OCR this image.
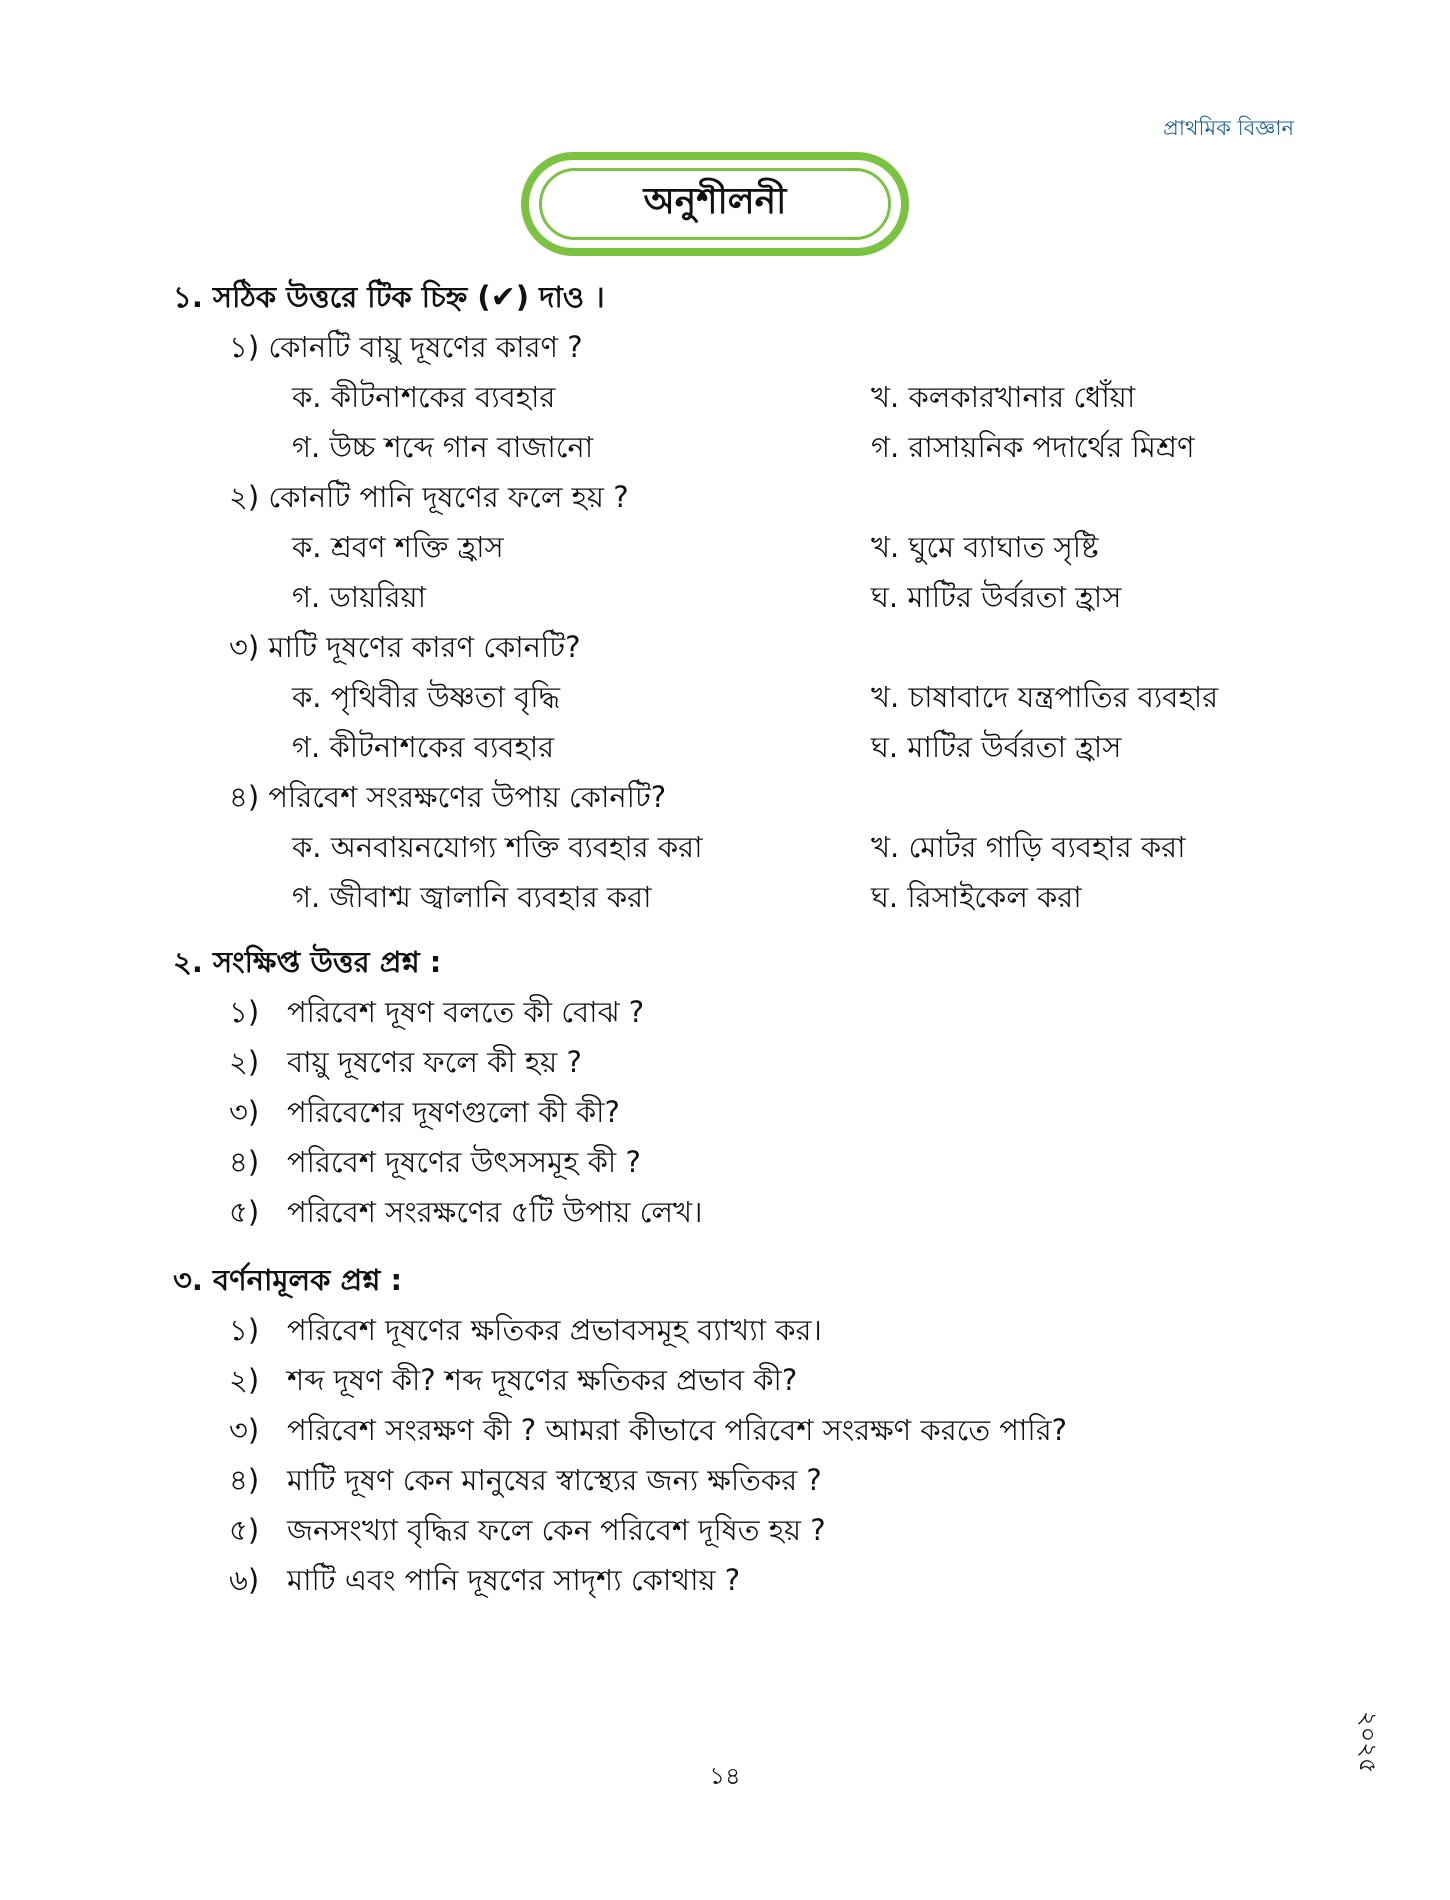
প্রাথমিক বিজ্ঞান
অনুশীলনী
১. সঠিক উত্তরে টিক চিহ্ন (✔) দাও ।
১) কোনটি বায়ু দূষণের কারণ ?
ক. কীটনাশকের ব্যবহার	খ. কলকারখানার ধোঁয়া
গ. উচ্চ শব্দে গান বাজানো	গ. রাসায়নিক পদার্থের মিশ্রণ
২) কোনটি পানি দূষণের ফলে হয় ?
ক. শ্রবণ শক্তি হ্রাস	খ. ঘুমে ব্যাঘাত সৃষ্টি
গ. ডায়রিয়া	ঘ. মাটির উর্বরতা হ্রাস
৩) মাটি দূষণের কারণ কোনটি?
ক. পৃথিবীর উষ্ণতা বৃদ্ধি	খ. চাষাবাদে যন্ত্রপাতির ব্যবহার
গ. কীটনাশকের ব্যবহার	ঘ. মাটির উর্বরতা হ্রাস
৪) পরিবেশ সংরক্ষণের উপায় কোনটি?
ক. অনবায়নযোগ্য শক্তি ব্যবহার করা	খ. মোটর গাড়ি ব্যবহার করা
গ. জীবাশ্ম জ্বালানি ব্যবহার করা	ঘ. রিসাইকেল করা
২. সংক্ষিপ্ত উত্তর প্রশ্ন :
১) পরিবেশ দূষণ বলতে কী বোঝ ?
২) বায়ু দূষণের ফলে কী হয় ?
৩) পরিবেশের দূষণগুলো কী কী?
৪) পরিবেশ দূষণের উৎসসমূহ কী ?
৫) পরিবেশ সংরক্ষণের ৫টি উপায় লেখ।
৩. বর্ণনামূলক প্রশ্ন :
১) পরিবেশ দূষণের ক্ষতিকর প্রভাবসমূহ ব্যাখ্যা কর।
২) শব্দ দূষণ কী? শব্দ দূষণের ক্ষতিকর প্রভাব কী?
৩) পরিবেশ সংরক্ষণ কী ? আমরা কীভাবে পরিবেশ সংরক্ষণ করতে পারি?
৪) মাটি দূষণ কেন মানুষের স্বাস্থ্যের জন্য ক্ষতিকর ?
৫) জনসংখ্যা বৃদ্ধির ফলে কেন পরিবেশ দূষিত হয় ?
৬) মাটি এবং পানি দূষণের সাদৃশ্য কোথায় ?
১৪
২০২৫
